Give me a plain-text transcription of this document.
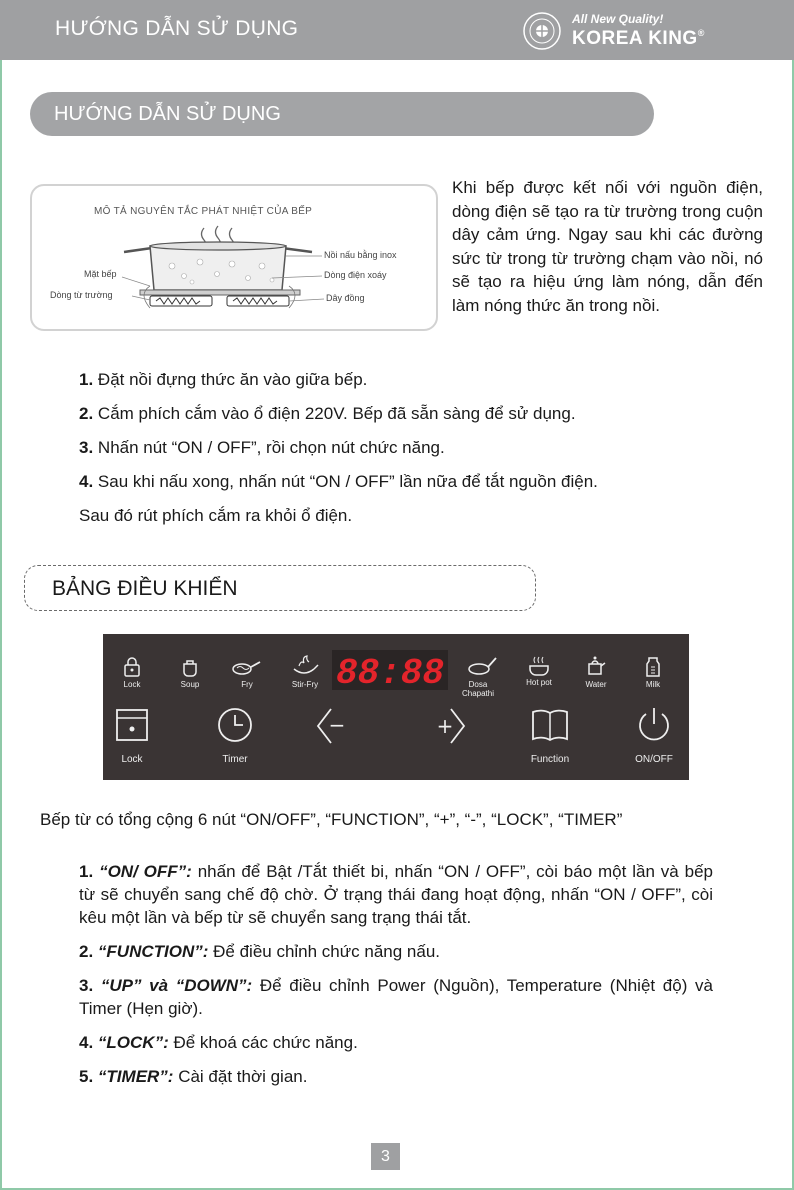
HƯỚNG DẪN SỬ DỤNG	All New Quality!
KOREA KING®
HƯỚNG DẪN SỬ DỤNG
MÔ TẢ NGUYÊN TẮC PHÁT NHIỆT CỦA BẾP
Nồi nấu bằng inox
Dòng điện xoáy
Dây đồng
Mặt bếp
Dòng từ trường
Khi bếp được kết nối với nguồn điện, dòng điện sẽ tạo ra từ trường trong cuộn dây cảm ứng. Ngay sau khi các đường sức từ trong từ trường chạm vào nồi, nó sẽ tạo ra hiệu ứng làm nóng, dẫn đến làm nóng thức ăn trong nồi.
1. Đặt nồi đựng thức ăn vào giữa bếp.
2. Cắm phích cắm vào ổ điện 220V. Bếp đã sẵn sàng để sử dụng.
3. Nhấn nút “ON / OFF”, rồi chọn nút chức năng.
4. Sau khi nấu xong, nhấn nút “ON / OFF” lần nữa để tắt nguồn điện.
Sau đó rút phích cắm ra khỏi ổ điện.
BẢNG ĐIỀU KHIỂN
Lock	Soup	Fry	Stir-Fry 88:88	Dosa Chapathi
Hot pot	Water	Milk
Lock	Timer
−	+
Function	ON/OFF
Bếp từ có tổng cộng 6 nút “ON/OFF”, “FUNCTION”, “+”, “-”, “LOCK”, “TIMER”

1. “ON/ OFF”: nhấn để Bật /Tắt thiết bi, nhấn “ON / OFF”, còi báo một lần và bếp từ sẽ chuyển sang chế độ chờ. Ở trạng thái đang hoạt động, nhấn “ON / OFF”, còi kêu một lần và bếp từ sẽ chuyển sang trạng thái tắt.

2. “FUNCTION”: Để điều chỉnh chức năng nấu.

3. “UP” và “DOWN”: Để điều chỉnh Power (Nguồn), Temperature (Nhiệt độ) và Timer (Hẹn giờ).

4. “LOCK”: Để khoá các chức năng.

5. “TIMER”: Cài đặt thời gian.

3
